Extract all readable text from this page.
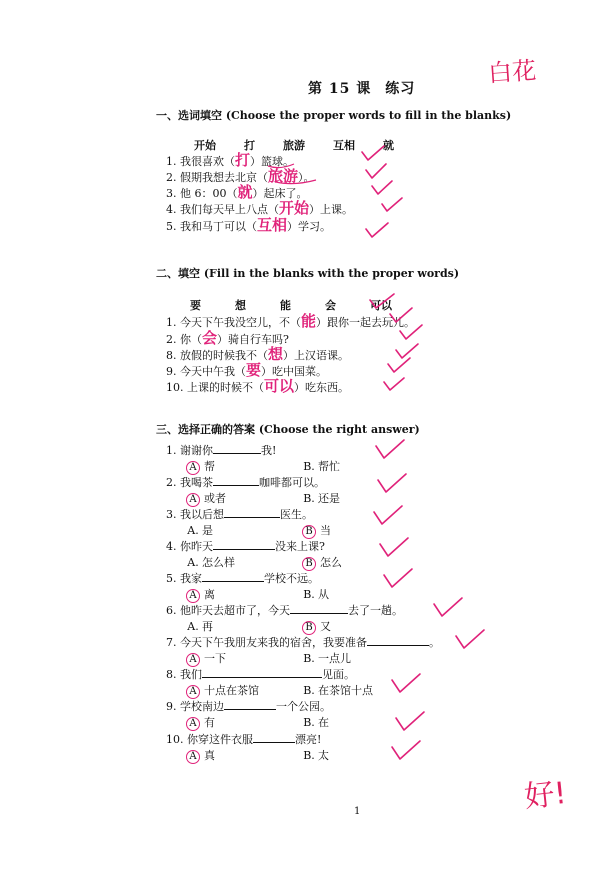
第 15 课 练习
白花
一、选词填空 (Choose the proper words to fill in the blanks)
开始	打	旅游	互相	就
1. 我很喜欢（打）篮球。
2. 假期我想去北京（旅游）。
3. 他 6：00（就）起床了。
4. 我们每天早上八点（开始）上课。
5. 我和马丁可以（互相）学习。
二、填空 (Fill in the blanks with the proper words)
要	想	能	会	可以
1. 今天下午我没空儿，不（能）跟你一起去玩儿。
2. 你（会）骑自行车吗?
8. 放假的时候我不（想）上汉语课。
9. 今天中午我（要）吃中国菜。
10. 上课的时候不（可以）吃东西。
三、选择正确的答案 (Choose the right answer)
1. 谢谢你	我!
A 帮	B. 帮忙
2. 我喝茶	咖啡都可以。
A 或者	B. 还是
3. 我以后想	医生。
A. 是	B 当
4. 你昨天	没来上课?
A. 怎么样	B 怎么
5. 我家	学校不远。
A 离	B. 从
6. 他昨天去超市了，今天	去了一趟。
A. 再	B 又
7. 今天下午我朋友来我的宿舍，我要准备	。
A 一下	B. 一点儿
8. 我们	见面。
A 十点在茶馆	B. 在茶馆十点
9. 学校南边	一个公园。
A 有	B. 在
10. 你穿这件衣服	漂亮!
A 真	B. 太
1	好!
